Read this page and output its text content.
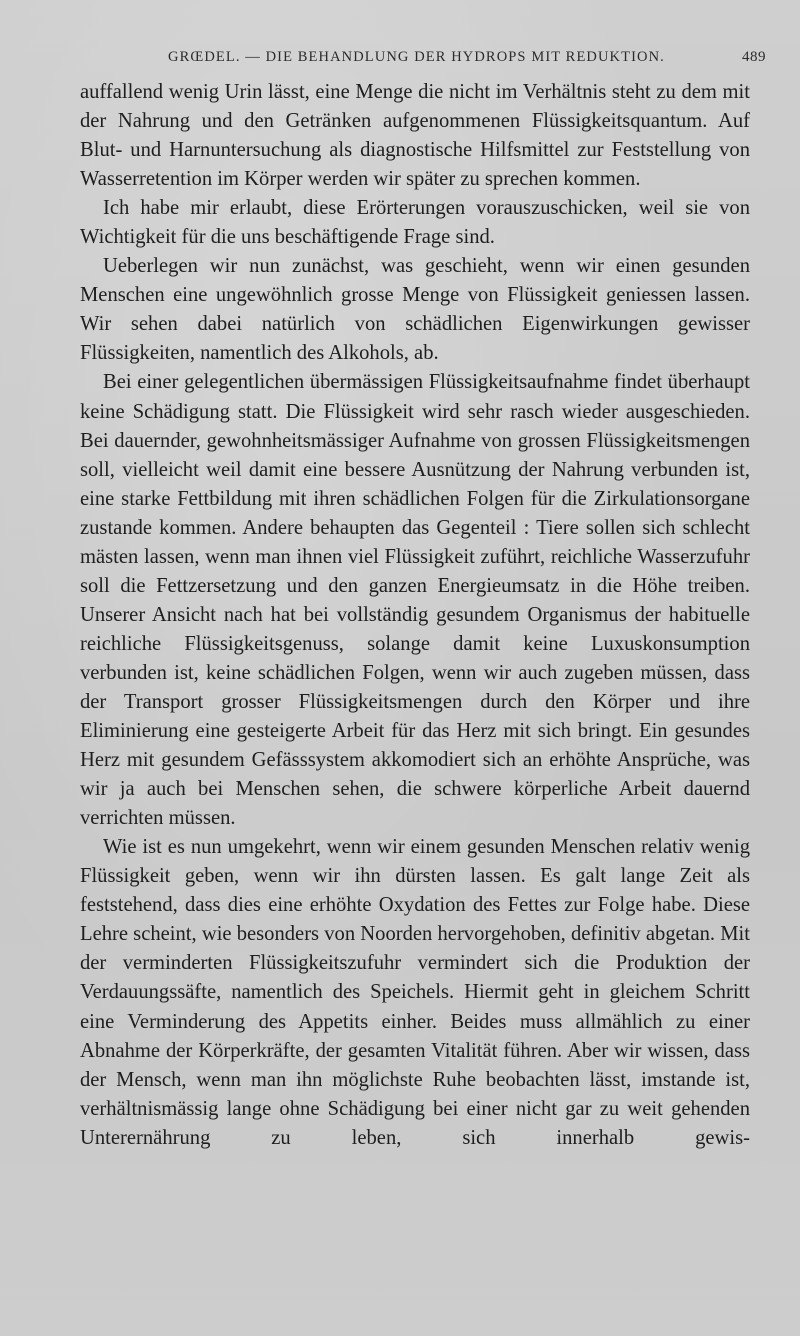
GRŒDEL. — DIE BEHANDLUNG DER HYDROPS MIT REDUKTION.	489

auffallend wenig Urin lässt, eine Menge die nicht im Verhältnis steht zu dem mit der Nahrung und den Getränken aufgenommenen Flüssigkeitsquantum. Auf Blut- und Harnuntersuchung als diagnostische Hilfsmittel zur Feststellung von Wasserretention im Körper werden wir später zu sprechen kommen.

Ich habe mir erlaubt, diese Erörterungen vorauszuschicken, weil sie von Wichtigkeit für die uns beschäftigende Frage sind.

Ueberlegen wir nun zunächst, was geschieht, wenn wir einen gesunden Menschen eine ungewöhnlich grosse Menge von Flüssigkeit geniessen lassen. Wir sehen dabei natürlich von schädlichen Eigenwirkungen gewisser Flüssigkeiten, namentlich des Alkohols, ab.

Bei einer gelegentlichen übermässigen Flüssigkeitsaufnahme findet überhaupt keine Schädigung statt. Die Flüssigkeit wird sehr rasch wieder ausgeschieden. Bei dauernder, gewohnheitsmässiger Aufnahme von grossen Flüssigkeitsmengen soll, vielleicht weil damit eine bessere Ausnützung der Nahrung verbunden ist, eine starke Fettbildung mit ihren schädlichen Folgen für die Zirkulationsorgane zustande kommen. Andere behaupten das Gegenteil : Tiere sollen sich schlecht mästen lassen, wenn man ihnen viel Flüssigkeit zuführt, reichliche Wasserzufuhr soll die Fettzersetzung und den ganzen Energieumsatz in die Höhe treiben. Unserer Ansicht nach hat bei vollständig gesundem Organismus der habituelle reichliche Flüssigkeitsgenuss, solange damit keine Luxuskonsumption verbunden ist, keine schädlichen Folgen, wenn wir auch zugeben müssen, dass der Transport grosser Flüssigkeitsmengen durch den Körper und ihre Eliminierung eine gesteigerte Arbeit für das Herz mit sich bringt. Ein gesundes Herz mit gesundem Gefässsystem akkomodiert sich an erhöhte Ansprüche, was wir ja auch bei Menschen sehen, die schwere körperliche Arbeit dauernd verrichten müssen.

Wie ist es nun umgekehrt, wenn wir einem gesunden Menschen relativ wenig Flüssigkeit geben, wenn wir ihn dürsten lassen. Es galt lange Zeit als feststehend, dass dies eine erhöhte Oxydation des Fettes zur Folge habe. Diese Lehre scheint, wie besonders von Noorden hervorgehoben, definitiv abgetan. Mit der verminderten Flüssigkeitszufuhr vermindert sich die Produktion der Verdauungssäfte, namentlich des Speichels. Hiermit geht in gleichem Schritt eine Verminderung des Appetits einher. Beides muss allmählich zu einer Abnahme der Körperkräfte, der gesamten Vitalität führen. Aber wir wissen, dass der Mensch, wenn man ihn möglichste Ruhe beobachten lässt, imstande ist, verhältnismässig lange ohne Schädigung bei einer nicht gar zu weit gehenden Unterernährung zu leben, sich innerhalb gewis-
